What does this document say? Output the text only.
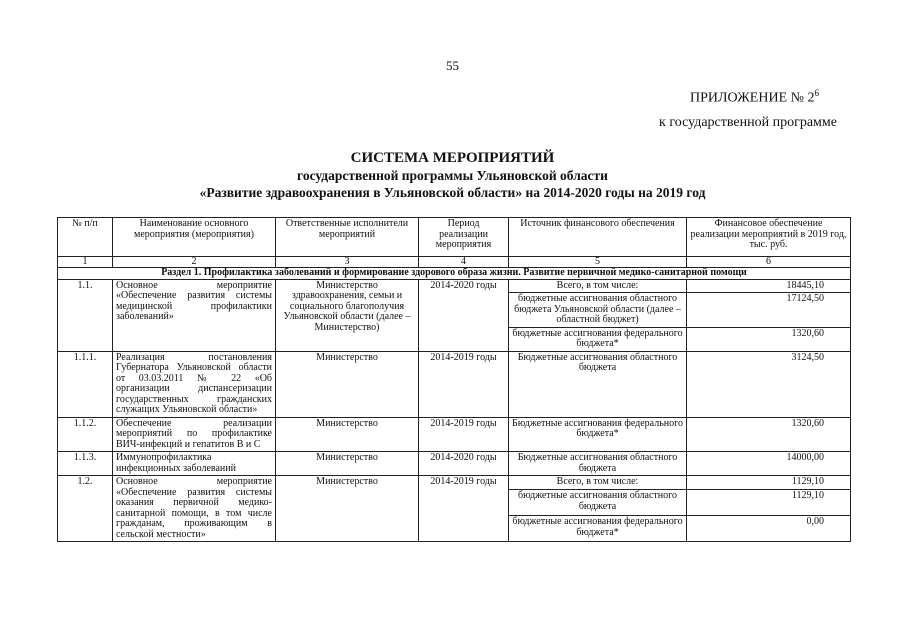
55
ПРИЛОЖЕНИЕ № $2^6$
к государственной программе
СИСТЕМА МЕРОПРИЯТИЙ
государственной программы Ульяновской области
«Развитие здравоохранения в Ульяновской области» на 2014-2020 годы на 2019 год
№ п/п	Наименование основного мероприятия (мероприятия)	Ответственные исполнители мероприятий	Период реализации мероприятия	Источник финансового обеспечения	Финансовое обеспечение реализации мероприятий в 2019 год, тыс. руб.
1	2	3	4	5	6
Раздел 1. Профилактика заболеваний и формирование здорового образа жизни. Развитие первичной медико-санитарной помощи					
1.1.	Основное мероприятие «Обеспечение развития системы медицинской профилактики заболеваний»	Министерство здравоохранения, семьи и социального благополучия Ульяновской области (далее – Министерство)	2014-2020 годы	Всего, в том числе:	18445,10
				бюджетные ассигнования областного бюджета Ульяновской области (далее – областной бюджет)	17124,50
				бюджетные ассигнования федерального бюджета*	1320,60
1.1.1.	Реализация постановления Губернатора Ульяновской области от 03.03.2011 № 22 «Об организации диспансеризации государственных гражданских служащих Ульяновской области»	Министерство	2014-2019 годы	Бюджетные ассигнования областного бюджета	3124,50
1.1.2.	Обеспечение реализации мероприятий по профилактике ВИЧ-инфекций и гепатитов В и С	Министерство	2014-2019 годы	Бюджетные ассигнования федерального бюджета*	1320,60
1.1.3.	Иммунопрофилактика инфекционных заболеваний	Министерство	2014-2020 годы	Бюджетные ассигнования областного бюджета	14000,00
1.2.	Основное мероприятие «Обеспечение развития системы оказания первичной медико-санитарной помощи, в том числе гражданам, проживающим в сельской местности»	Министерство	2014-2019 годы	Всего, в том числе:	1129,10
				бюджетные ассигнования областного бюджета	1129,10
				бюджетные ассигнования федерального бюджета*	0,00
